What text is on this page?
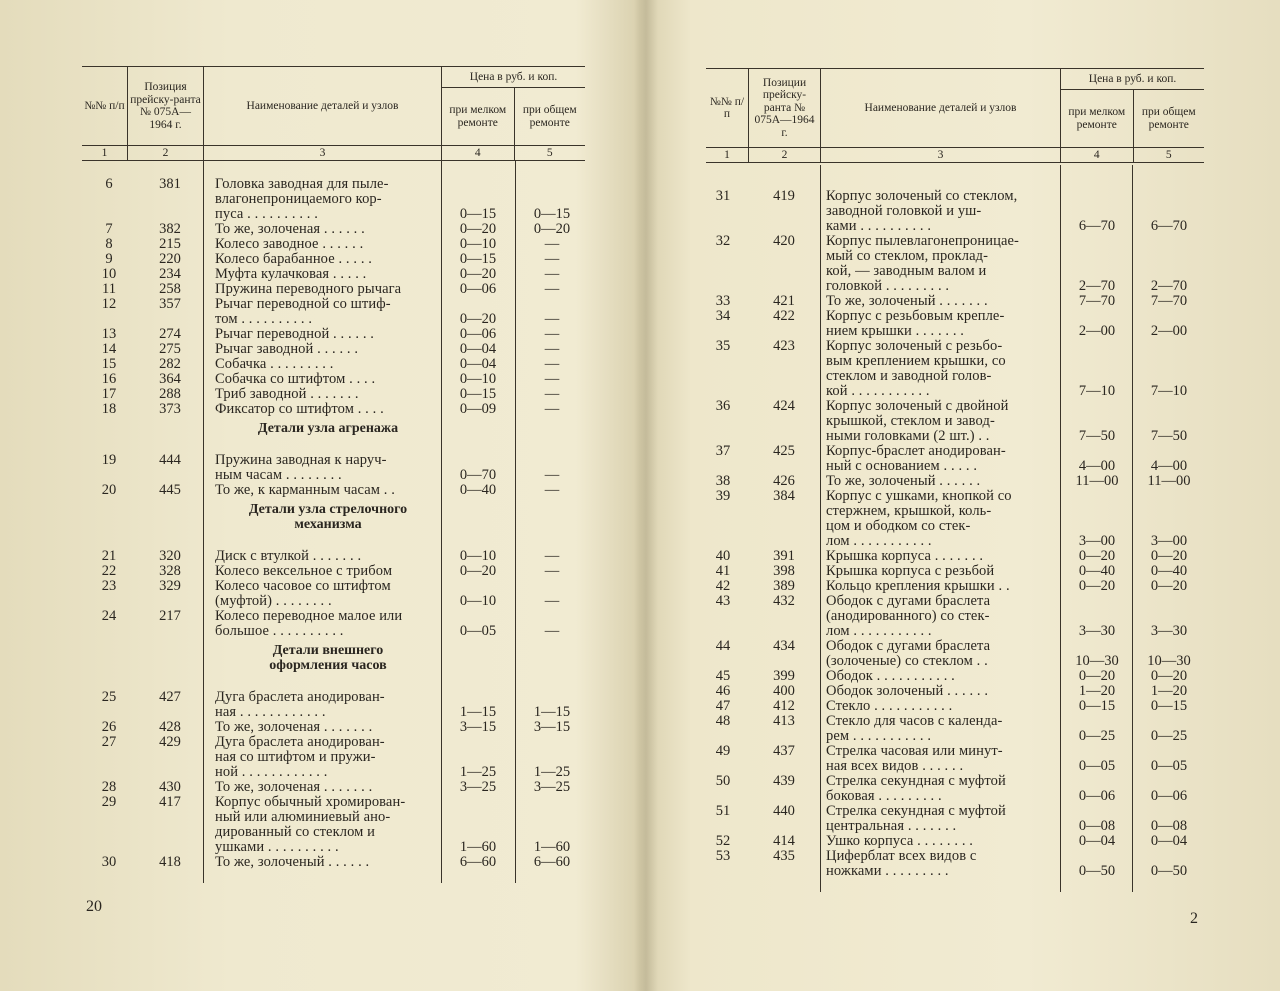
№№ п/п
Позиция прейску-ранта № 075А—1964 г.
Наименование деталей и узлов
Цена в руб. и коп.
при мелком ремонте
при общем ремонте
1	2	3	4	5
6	381	Головка заводная для пыле-
влагонепроницаемого кор-
пуса . . . . . . . . . .	0—15	0—15
7	382	То же, золоченая . . . . . .	0—20	0—20
8	215	Колесо заводное . . . . . .	0—10	—
9	220	Колесо барабанное . . . . .	0—15	—
10	234	Муфта кулачковая . . . . .	0—20	—
11	258	Пружина переводного рычага	0—06	—
12	357	Рычаг переводной со штиф-
том . . . . . . . . . .	0—20	—
13	274	Рычаг переводной . . . . . .	0—06	—
14	275	Рычаг заводной . . . . . .	0—04	—
15	282	Собачка . . . . . . . . .	0—04	—
16	364	Собачка со штифтом . . . .	0—10	—
17	288	Триб заводной . . . . . . .	0—15	—
18	373	Фиксатор со штифтом . . . .	0—09	—
Детали узла агренажа
19	444	Пружина заводная к наруч-
ным часам . . . . . . . .	0—70	—
20	445	То же, к карманным часам . .	0—40	—
Детали узла стрелочного
механизма
21	320	Диск с втулкой . . . . . . .	0—10	—
22	328	Колесо вексельное с трибом	0—20	—
23	329	Колесо часовое со штифтом
(муфтой) . . . . . . . .	0—10	—
24	217	Колесо переводное малое или
большое . . . . . . . . . .	0—05	—
Детали внешнего
оформления часов
25	427	Дуга браслета анодирован-
ная . . . . . . . . . . . .	1—15	1—15
26	428	То же, золоченая . . . . . . .	3—15	3—15
27	429	Дуга браслета анодирован-
ная со штифтом и пружи-
ной . . . . . . . . . . . .	1—25	1—25
28	430	То же, золоченая . . . . . . .	3—25	3—25
29	417	Корпус обычный хромирован-
ный или алюминиевый ано-
дированный со стеклом и
ушками . . . . . . . . . .	1—60	1—60
30	418	То же, золоченый . . . . . .	6—60	6—60
20
№№ п/п
Позиции прейску-ранта № 075А—1964 г.
Наименование деталей и узлов
Цена в руб. и коп.
при мелком ремонте
при общем ремонте
1	2	3	4	5
31	419	Корпус золоченый со стеклом,
заводной головкой и уш-
ками . . . . . . . . . .	6—70	6—70
32	420	Корпус пылевлагонепроницае-
мый со стеклом, проклад-
кой, — заводным валом и
головкой . . . . . . . . .	2—70	2—70
33	421	То же, золоченый . . . . . . .	7—70	7—70
34	422	Корпус с резьбовым крепле-
нием крышки . . . . . . .	2—00	2—00
35	423	Корпус золоченый с резьбо-
вым креплением крышки, со
стеклом и заводной голов-
кой . . . . . . . . . . .	7—10	7—10
36	424	Корпус золоченый с двойной
крышкой, стеклом и завод-
ными головками (2 шт.) . .	7—50	7—50
37	425	Корпус-браслет анодирован-
ный с основанием . . . . .	4—00	4—00
38	426	То же, золоченый . . . . . .	11—00	11—00
39	384	Корпус с ушками, кнопкой со
стержнем, крышкой, коль-
цом и ободком со стек-
лом . . . . . . . . . . .	3—00	3—00
40	391	Крышка корпуса . . . . . . .	0—20	0—20
41	398	Крышка корпуса с резьбой	0—40	0—40
42	389	Кольцо крепления крышки . .	0—20	0—20
43	432	Ободок с дугами браслета
(анодированного) со стек-
лом . . . . . . . . . . .	3—30	3—30
44	434	Ободок с дугами браслета
(золоченые) со стеклом . .	10—30	10—30
45	399	Ободок . . . . . . . . . . .	0—20	0—20
46	400	Ободок золоченый . . . . . .	1—20	1—20
47	412	Стекло . . . . . . . . . . .	0—15	0—15
48	413	Стекло для часов с календа-
рем . . . . . . . . . . .	0—25	0—25
49	437	Стрелка часовая или минут-
ная всех видов . . . . . .	0—05	0—05
50	439	Стрелка секундная с муфтой
боковая . . . . . . . . .	0—06	0—06
51	440	Стрелка секундная с муфтой
центральная . . . . . . .	0—08	0—08
52	414	Ушко корпуса . . . . . . . .	0—04	0—04
53	435	Циферблат всех видов с
ножками . . . . . . . . .	0—50	0—50
2
